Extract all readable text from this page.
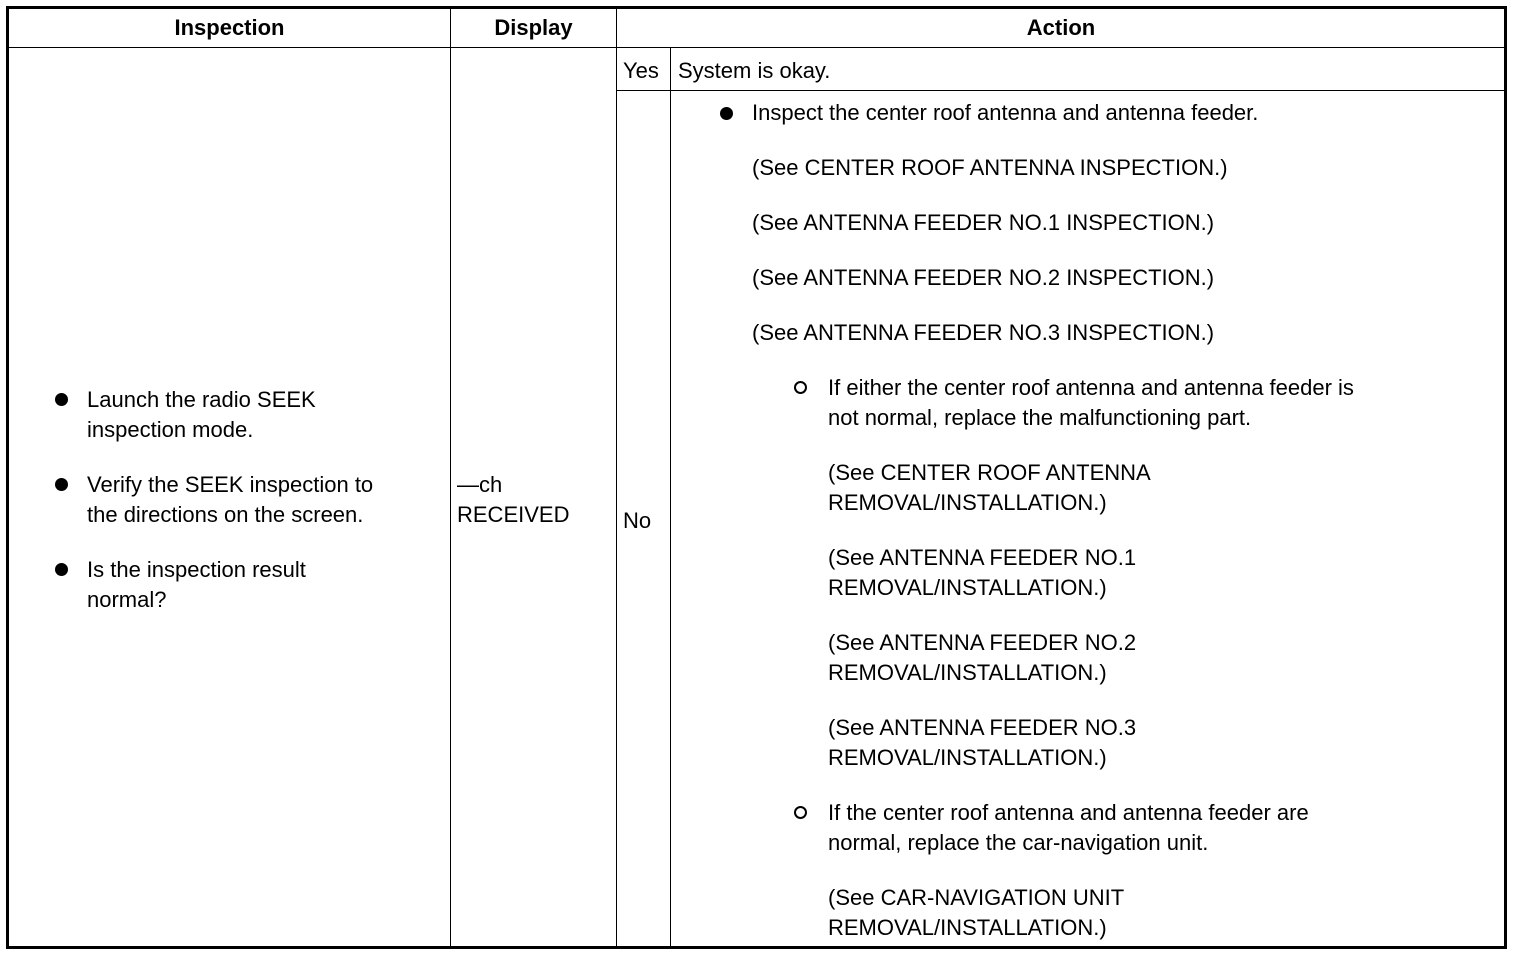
Inspection	Display	Action
Launch the radio SEEK
inspection mode.
Verify the SEEK inspection to
the directions on the screen.
Is the inspection result
normal?
—ch
RECEIVED
Yes System is okay.
No
Inspect the center roof antenna and antenna feeder.
(See CENTER ROOF ANTENNA INSPECTION.)
(See ANTENNA FEEDER NO.1 INSPECTION.)
(See ANTENNA FEEDER NO.2 INSPECTION.)
(See ANTENNA FEEDER NO.3 INSPECTION.)
If either the center roof antenna and antenna feeder is
not normal, replace the malfunctioning part.
(See CENTER ROOF ANTENNA
REMOVAL/INSTALLATION.)
(See ANTENNA FEEDER NO.1
REMOVAL/INSTALLATION.)
(See ANTENNA FEEDER NO.2
REMOVAL/INSTALLATION.)
(See ANTENNA FEEDER NO.3
REMOVAL/INSTALLATION.)
If the center roof antenna and antenna feeder are
normal, replace the car-navigation unit.
(See CAR-NAVIGATION UNIT
REMOVAL/INSTALLATION.)
